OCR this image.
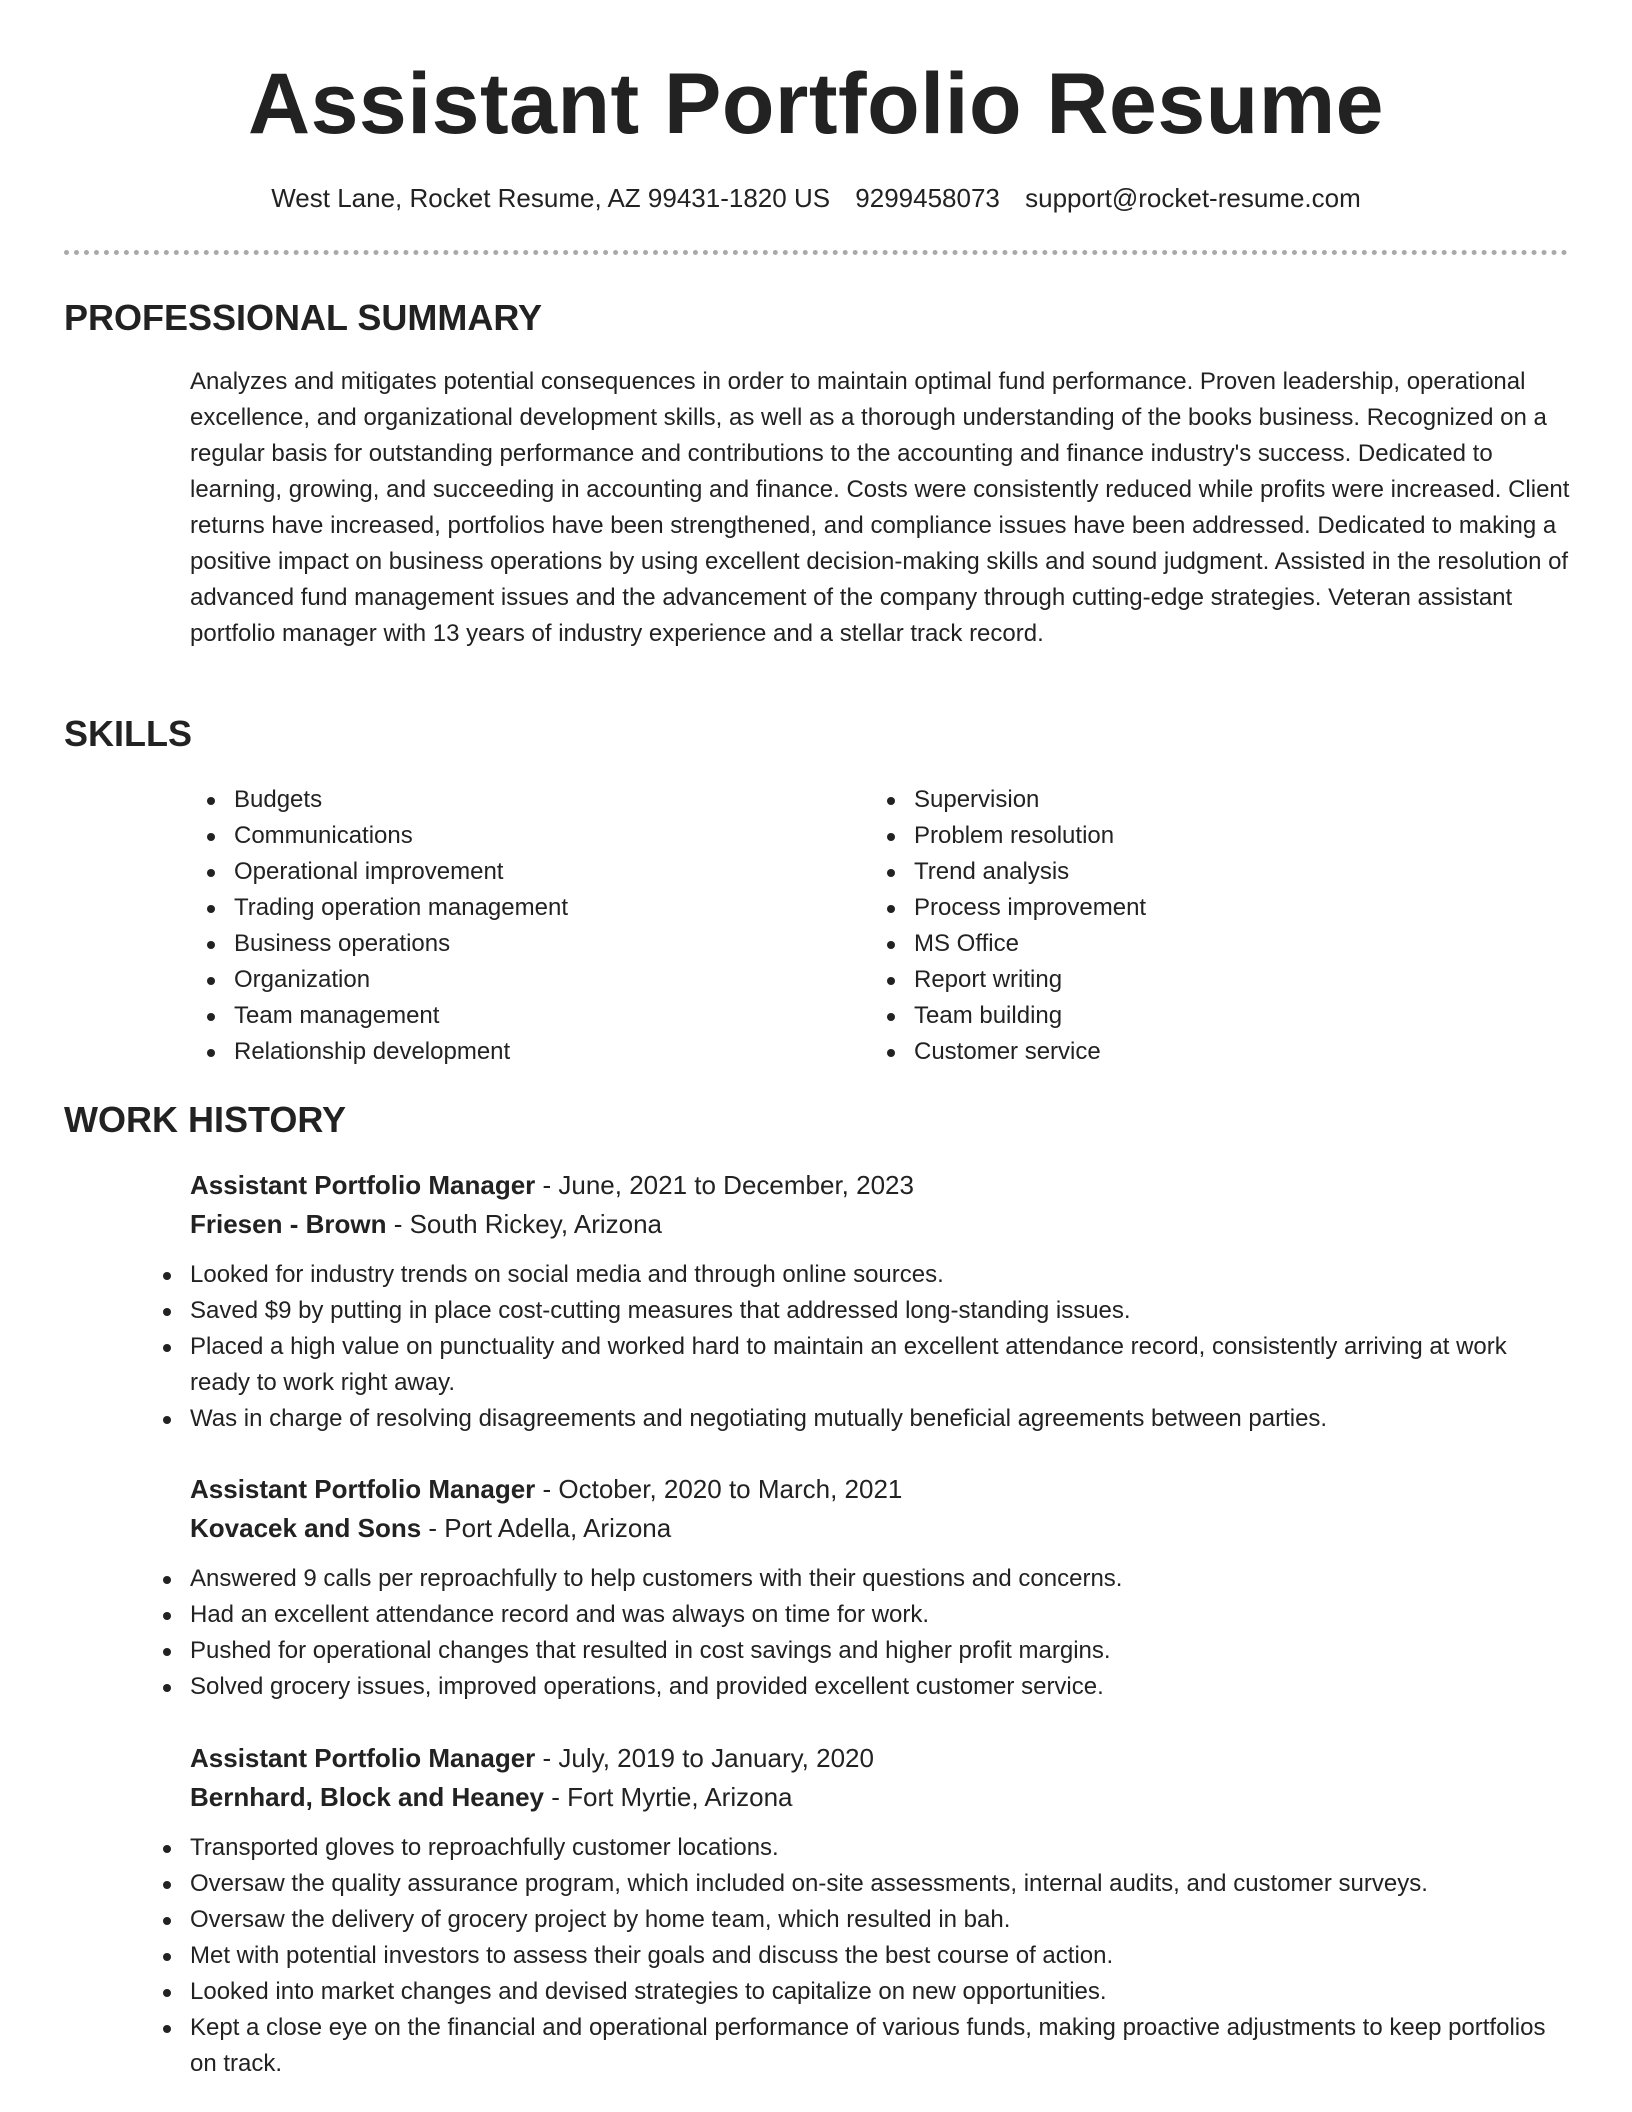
Assistant Portfolio Resume
West Lane, Rocket Resume, AZ 99431-1820 US 9299458073 support@rocket-resume.com
PROFESSIONAL SUMMARY

Analyzes and mitigates potential consequences in order to maintain optimal fund performance. Proven leadership, operational excellence, and organizational development skills, as well as a thorough understanding of the books business. Recognized on a regular basis for outstanding performance and contributions to the accounting and finance industry's success. Dedicated to learning, growing, and succeeding in accounting and finance. Costs were consistently reduced while profits were increased. Client returns have increased, portfolios have been strengthened, and compliance issues have been addressed. Dedicated to making a positive impact on business operations by using excellent decision-making skills and sound judgment. Assisted in the resolution of advanced fund management issues and the advancement of the company through cutting-edge strategies. Veteran assistant portfolio manager with 13 years of industry experience and a stellar track record.

SKILLS
Budgets
Communications
Operational improvement
Trading operation management
Business operations
Organization
Team management
Relationship development
Supervision
Problem resolution
Trend analysis
Process improvement
MS Office
Report writing
Team building
Customer service
WORK HISTORY
Assistant Portfolio Manager - June, 2021 to December, 2023
Friesen - Brown - South Rickey, Arizona
Looked for industry trends on social media and through online sources.
Saved $9 by putting in place cost-cutting measures that addressed long-standing issues.
Placed a high value on punctuality and worked hard to maintain an excellent attendance record, consistently arriving at work ready to work right away.
Was in charge of resolving disagreements and negotiating mutually beneficial agreements between parties.
Assistant Portfolio Manager - October, 2020 to March, 2021
Kovacek and Sons - Port Adella, Arizona
Answered 9 calls per reproachfully to help customers with their questions and concerns.
Had an excellent attendance record and was always on time for work.
Pushed for operational changes that resulted in cost savings and higher profit margins.
Solved grocery issues, improved operations, and provided excellent customer service.
Assistant Portfolio Manager - July, 2019 to January, 2020
Bernhard, Block and Heaney - Fort Myrtie, Arizona
Transported gloves to reproachfully customer locations.
Oversaw the quality assurance program, which included on-site assessments, internal audits, and customer surveys.
Oversaw the delivery of grocery project by home team, which resulted in bah.
Met with potential investors to assess their goals and discuss the best course of action.
Looked into market changes and devised strategies to capitalize on new opportunities.
Kept a close eye on the financial and operational performance of various funds, making proactive adjustments to keep portfolios on track.
